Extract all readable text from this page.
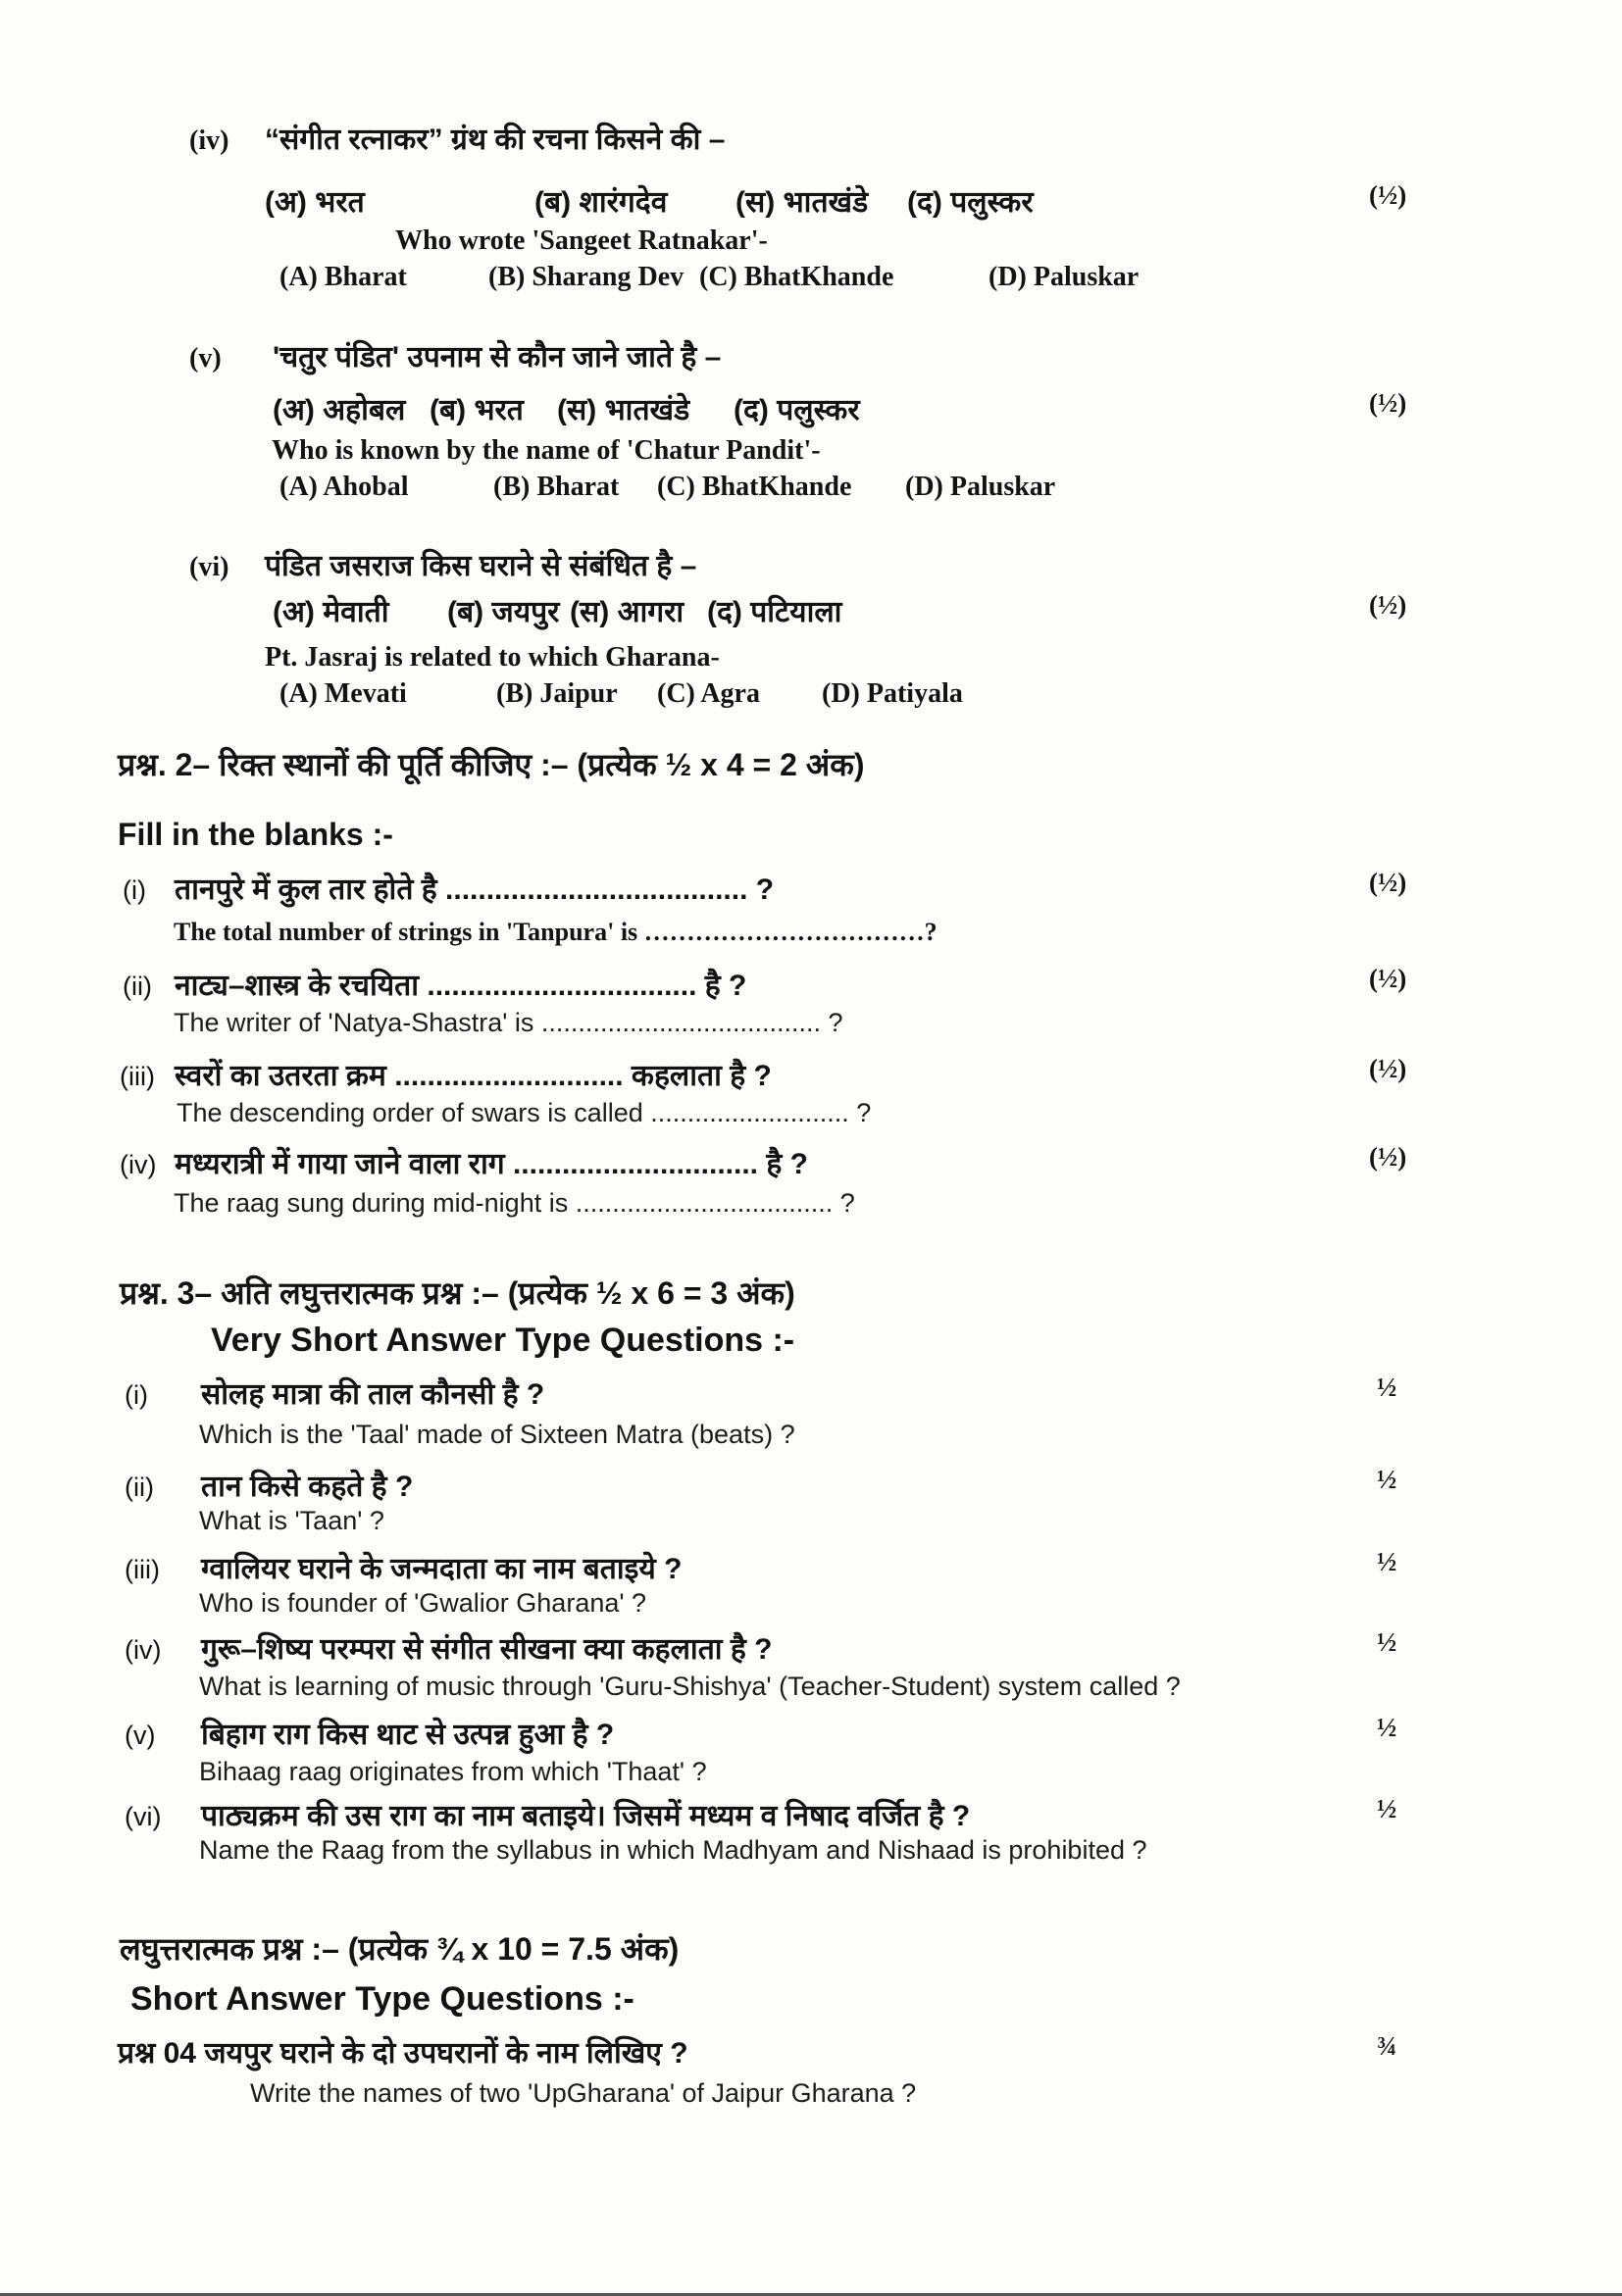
(iv) “संगीत रत्नाकर” ग्रंथ की रचना किसने की –
(अ) भरत	(ब) शारंगदेव (स) भातखंडे (द) पलुस्कर	(½)
Who wrote 'Sangeet Ratnakar'-
(A) Bharat	(B) Sharang Dev (C) BhatKhande	(D) Paluskar
(v) 'चतुर पंडित' उपनाम से कौन जाने जाते है –
(अ) अहोबल (ब) भरत (स) भातखंडे (द) पलुस्कर	(½)
Who is known by the name of 'Chatur Pandit'-
(A) Ahobal	(B) Bharat (C) BhatKhande (D) Paluskar
(vi) पंडित जसराज किस घराने से संबंधित है –
(अ) मेवाती (ब) जयपुर (स) आगरा (द) पटियाला	(½)
Pt. Jasraj is related to which Gharana-
(A) Mevati	(B) Jaipur (C) Agra (D) Patiyala
प्रश्न. 2– रिक्त स्थानों की पूर्ति कीजिए :– (प्रत्येक ½ x 4 = 2 अंक)
Fill in the blanks :-
(i) तानपुरे में कुल तार होते है ..................................... ?	(½)
The total number of strings in 'Tanpura' is ……………………………?
(ii) नाट्य–शास्त्र के रचयिता ................................. है ?	(½)
The writer of 'Natya-Shastra' is ...................................... ?
(iii) स्वरों का उतरता क्रम ............................ कहलाता है ?	(½)
The descending order of swars is called ........................... ?
(iv) मध्यरात्री में गाया जाने वाला राग .............................. है ?	(½)
The raag sung during mid-night is ................................... ?
प्रश्न. 3– अति लघुत्तरात्मक प्रश्न :– (प्रत्येक ½ x 6 = 3 अंक)
Very Short Answer Type Questions :-
(i) सोलह मात्रा की ताल कौनसी है ?	½
Which is the 'Taal' made of Sixteen Matra (beats) ?
(ii) तान किसे कहते है ?	½
What is 'Taan' ?
(iii) ग्वालियर घराने के जन्मदाता का नाम बताइये ?	½
Who is founder of 'Gwalior Gharana' ?
(iv) गुरू–शिष्य परम्परा से संगीत सीखना क्या कहलाता है ?	½
What is learning of music through 'Guru-Shishya' (Teacher-Student) system called ?
(v) बिहाग राग किस थाट से उत्पन्न हुआ है ?	½
Bihaag raag originates from which 'Thaat' ?
(vi) पाठ्यक्रम की उस राग का नाम बताइये। जिसमें मध्यम व निषाद वर्जित है ?	½
Name the Raag from the syllabus in which Madhyam and Nishaad is prohibited ?
लघुत्तरात्मक प्रश्न :– (प्रत्येक ¾ x 10 = 7.5 अंक)
Short Answer Type Questions :-
प्रश्न 04 जयपुर घराने के दो उपघरानों के नाम लिखिए ?	¾
Write the names of two 'UpGharana' of Jaipur Gharana ?
